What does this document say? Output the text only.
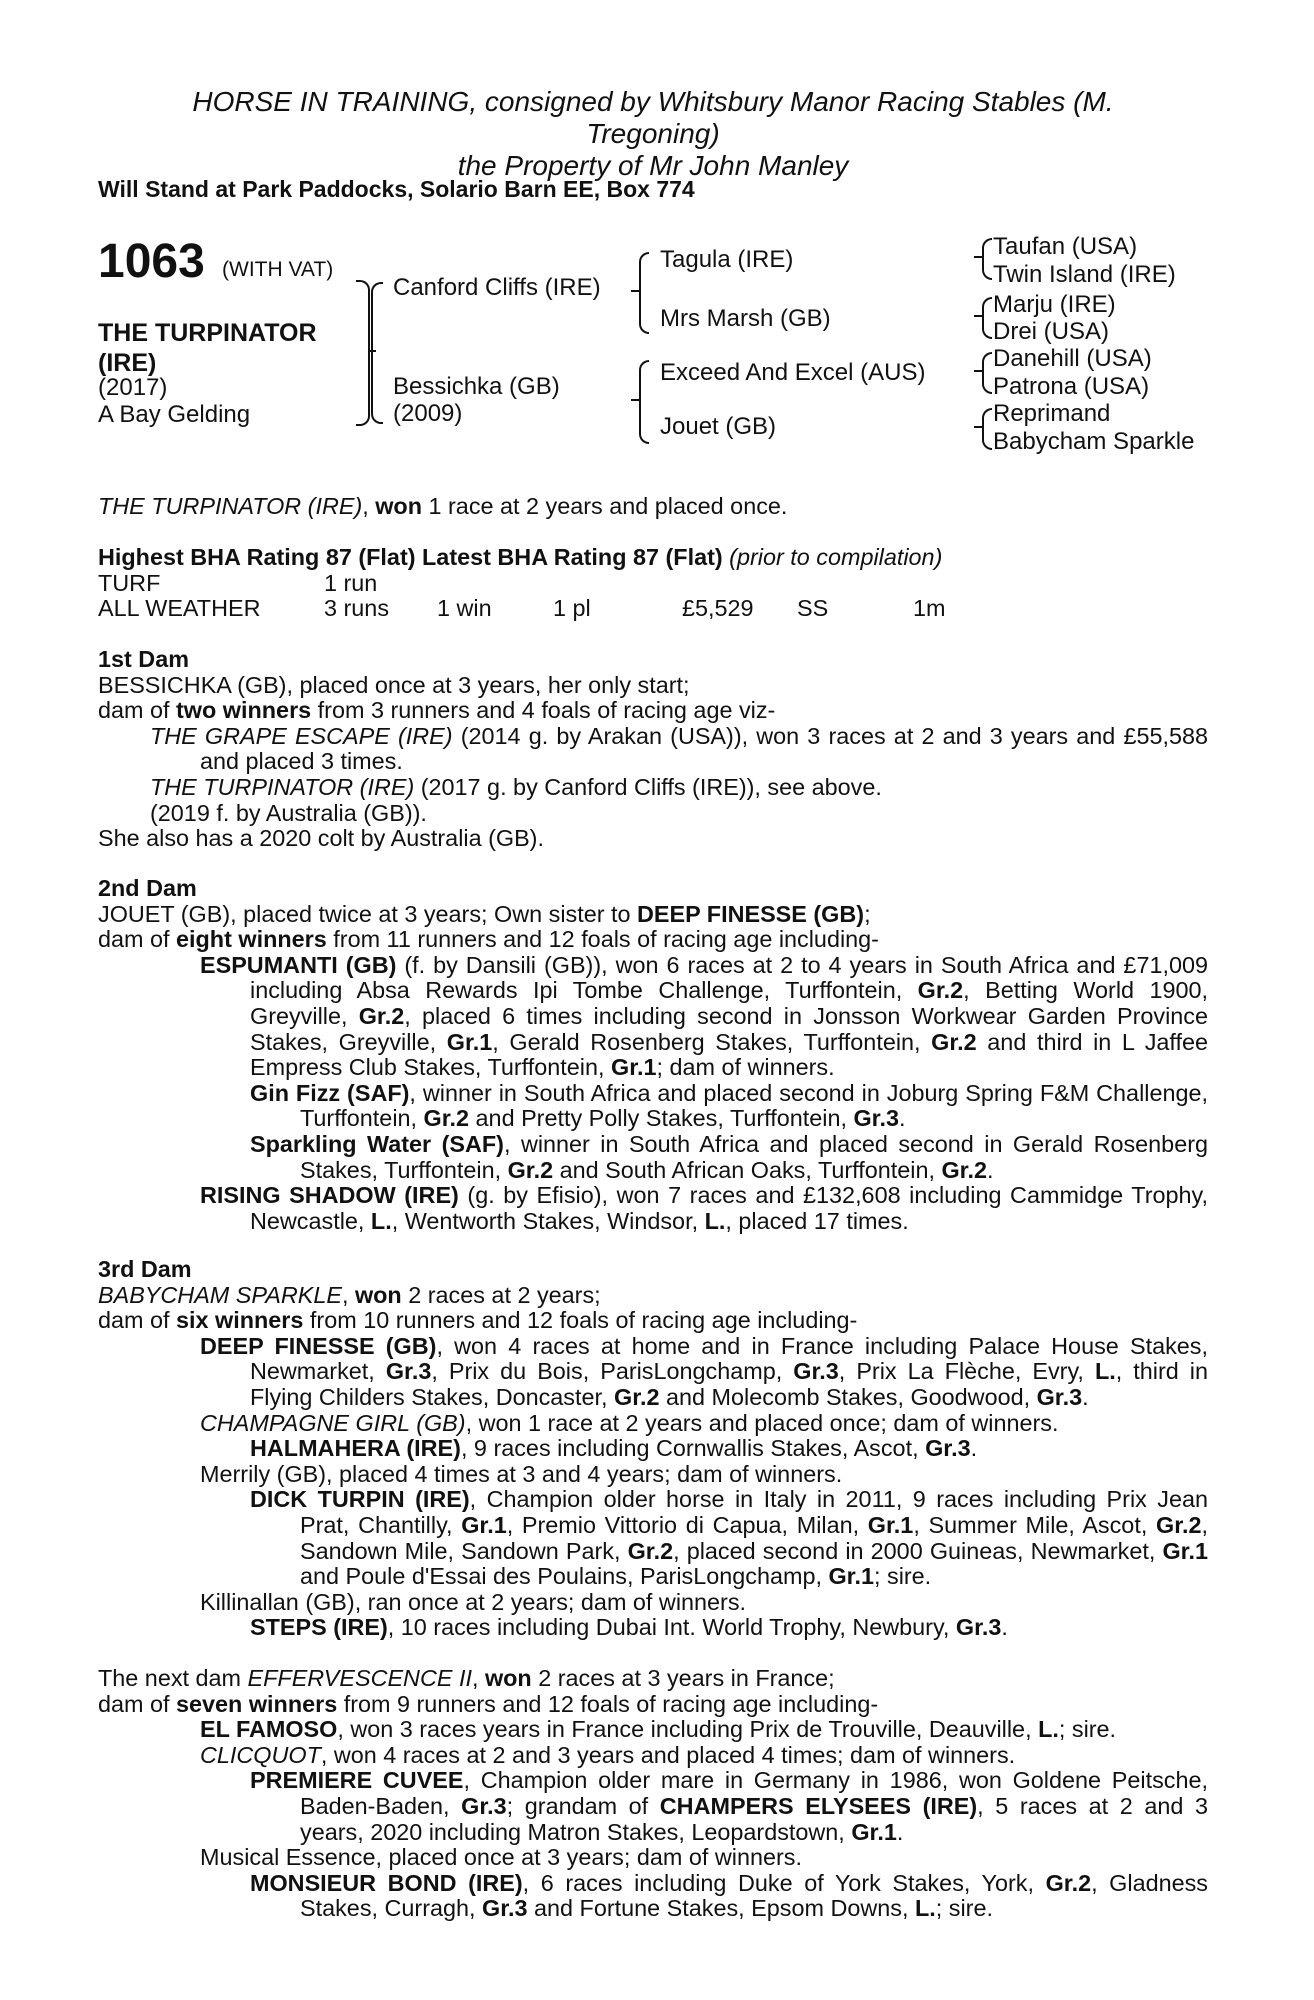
HORSE IN TRAINING, consigned by Whitsbury Manor Racing Stables (M.
Tregoning)
the Property of Mr John Manley
Will Stand at Park Paddocks, Solario Barn EE, Box 774
1063 (WITH VAT)
THE TURPINATOR
(IRE)
(2017)
A Bay Gelding
Canford Cliffs (IRE)
Bessichka (GB)
(2009)
Tagula (IRE)
Mrs Marsh (GB)
Exceed And Excel (AUS)
Jouet (GB)
Taufan (USA)
Twin Island (IRE)
Marju (IRE)
Drei (USA)
Danehill (USA)
Patrona (USA)
Reprimand
Babycham Sparkle

THE TURPINATOR (IRE), won 1 race at 2 years and placed once.

Highest BHA Rating 87 (Flat) Latest BHA Rating 87 (Flat) (prior to compilation)

TURF	1 run					
ALL WEATHER	3 runs	1 win	1 pl	£5,529	SS	1m

1st Dam

BESSICHKA (GB), placed once at 3 years, her only start;

dam of two winners from 3 runners and 4 foals of racing age viz-

THE GRAPE ESCAPE (IRE) (2014 g. by Arakan (USA)), won 3 races at 2 and 3 years and £55,588 and placed 3 times.

THE TURPINATOR (IRE) (2017 g. by Canford Cliffs (IRE)), see above.

(2019 f. by Australia (GB)).

She also has a 2020 colt by Australia (GB).

2nd Dam

JOUET (GB), placed twice at 3 years; Own sister to DEEP FINESSE (GB);

dam of eight winners from 11 runners and 12 foals of racing age including-

ESPUMANTI (GB) (f. by Dansili (GB)), won 6 races at 2 to 4 years in South Africa and £71,009 including Absa Rewards Ipi Tombe Challenge, Turffontein, Gr.2, Betting World 1900, Greyville, Gr.2, placed 6 times including second in Jonsson Workwear Garden Province Stakes, Greyville, Gr.1, Gerald Rosenberg Stakes, Turffontein, Gr.2 and third in L Jaffee Empress Club Stakes, Turffontein, Gr.1; dam of winners.

Gin Fizz (SAF), winner in South Africa and placed second in Joburg Spring F&M Challenge, Turffontein, Gr.2 and Pretty Polly Stakes, Turffontein, Gr.3.

Sparkling Water (SAF), winner in South Africa and placed second in Gerald Rosenberg Stakes, Turffontein, Gr.2 and South African Oaks, Turffontein, Gr.2.

RISING SHADOW (IRE) (g. by Efisio), won 7 races and £132,608 including Cammidge Trophy, Newcastle, L., Wentworth Stakes, Windsor, L., placed 17 times.

3rd Dam

BABYCHAM SPARKLE, won 2 races at 2 years;

dam of six winners from 10 runners and 12 foals of racing age including-

DEEP FINESSE (GB), won 4 races at home and in France including Palace House Stakes, Newmarket, Gr.3, Prix du Bois, ParisLongchamp, Gr.3, Prix La Flèche, Evry, L., third in Flying Childers Stakes, Doncaster, Gr.2 and Molecomb Stakes, Goodwood, Gr.3.

CHAMPAGNE GIRL (GB), won 1 race at 2 years and placed once; dam of winners.

HALMAHERA (IRE), 9 races including Cornwallis Stakes, Ascot, Gr.3.

Merrily (GB), placed 4 times at 3 and 4 years; dam of winners.

DICK TURPIN (IRE), Champion older horse in Italy in 2011, 9 races including Prix Jean Prat, Chantilly, Gr.1, Premio Vittorio di Capua, Milan, Gr.1, Summer Mile, Ascot, Gr.2, Sandown Mile, Sandown Park, Gr.2, placed second in 2000 Guineas, Newmarket, Gr.1 and Poule d'Essai des Poulains, ParisLongchamp, Gr.1; sire.

Killinallan (GB), ran once at 2 years; dam of winners.

STEPS (IRE), 10 races including Dubai Int. World Trophy, Newbury, Gr.3.

The next dam EFFERVESCENCE II, won 2 races at 3 years in France;

dam of seven winners from 9 runners and 12 foals of racing age including-

EL FAMOSO, won 3 races years in France including Prix de Trouville, Deauville, L.; sire.

CLICQUOT, won 4 races at 2 and 3 years and placed 4 times; dam of winners.

PREMIERE CUVEE, Champion older mare in Germany in 1986, won Goldene Peitsche, Baden-Baden, Gr.3; grandam of CHAMPERS ELYSEES (IRE), 5 races at 2 and 3 years, 2020 including Matron Stakes, Leopardstown, Gr.1.

Musical Essence, placed once at 3 years; dam of winners.

MONSIEUR BOND (IRE), 6 races including Duke of York Stakes, York, Gr.2, Gladness Stakes, Curragh, Gr.3 and Fortune Stakes, Epsom Downs, L.; sire.
